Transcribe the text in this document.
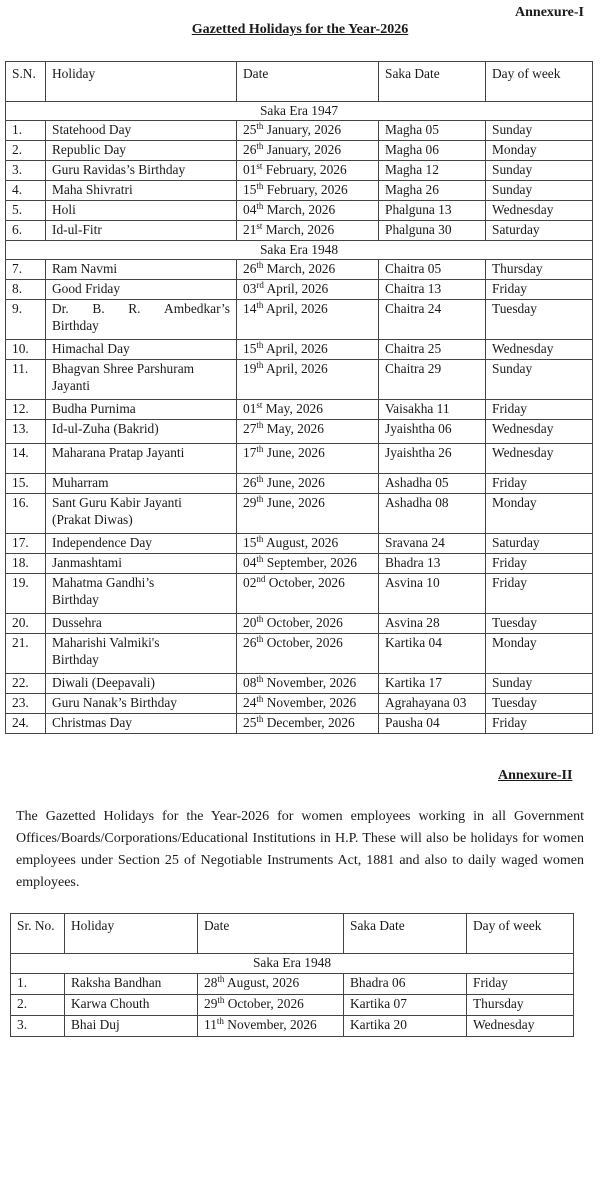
Annexure-I
Gazetted Holidays for the Year-2026
S.N.	Holiday	Date	Saka Date	Day of week
Saka Era 1947				
1.	Statehood Day	25th January, 2026	Magha 05	Sunday
2.	Republic Day	26th January, 2026	Magha 06	Monday
3.	Guru Ravidas’s Birthday	01st February, 2026	Magha 12	Sunday
4.	Maha Shivratri	15th February, 2026	Magha 26	Sunday
5.	Holi	04th March, 2026	Phalguna 13	Wednesday
6.	Id-ul-Fitr	21st March, 2026	Phalguna 30	Saturday
Saka Era 1948				
7.	Ram Navmi	26th March, 2026	Chaitra 05	Thursday
8.	Good Friday	03rd April, 2026	Chaitra 13	Friday
9.	Dr. B. R. Ambedkar’s
Birthday	14th April, 2026	Chaitra 24	Tuesday
10.	Himachal Day	15th April, 2026	Chaitra 25	Wednesday
11.	Bhagvan Shree Parshuram
Jayanti	19th April, 2026	Chaitra 29	Sunday
12.	Budha Purnima	01st May, 2026	Vaisakha 11	Friday
13.	Id-ul-Zuha (Bakrid)	27th May, 2026	Jyaishtha 06	Wednesday
14.	Maharana Pratap Jayanti	17th June, 2026	Jyaishtha 26	Wednesday
15.	Muharram	26th June, 2026	Ashadha 05	Friday
16.	Sant Guru Kabir Jayanti
(Prakat Diwas)	29th June, 2026	Ashadha 08	Monday
17.	Independence Day	15th August, 2026	Sravana 24	Saturday
18.	Janmashtami	04th September, 2026	Bhadra 13	Friday
19.	Mahatma Gandhi’s
Birthday	02nd October, 2026	Asvina 10	Friday
20.	Dussehra	20th October, 2026	Asvina 28	Tuesday
21.	Maharishi Valmiki's
Birthday	26th October, 2026	Kartika 04	Monday
22.	Diwali (Deepavali)	08th November, 2026	Kartika 17	Sunday
23.	Guru Nanak’s Birthday	24th November, 2026	Agrahayana 03	Tuesday
24.	Christmas Day	25th December, 2026	Pausha 04	Friday
Annexure-II
The Gazetted Holidays for the Year-2026 for women employees working in all Government Offices/Boards/Corporations/Educational Institutions in H.P. These will also be holidays for women employees under Section 25 of Negotiable Instruments Act, 1881 and also to daily waged women employees.
Sr. No.	Holiday	Date	Saka Date	Day of week
Saka Era 1948				
1.	Raksha Bandhan	28th August, 2026	Bhadra 06	Friday
2.	Karwa Chouth	29th October, 2026	Kartika 07	Thursday
3.	Bhai Duj	11th November, 2026	Kartika 20	Wednesday
